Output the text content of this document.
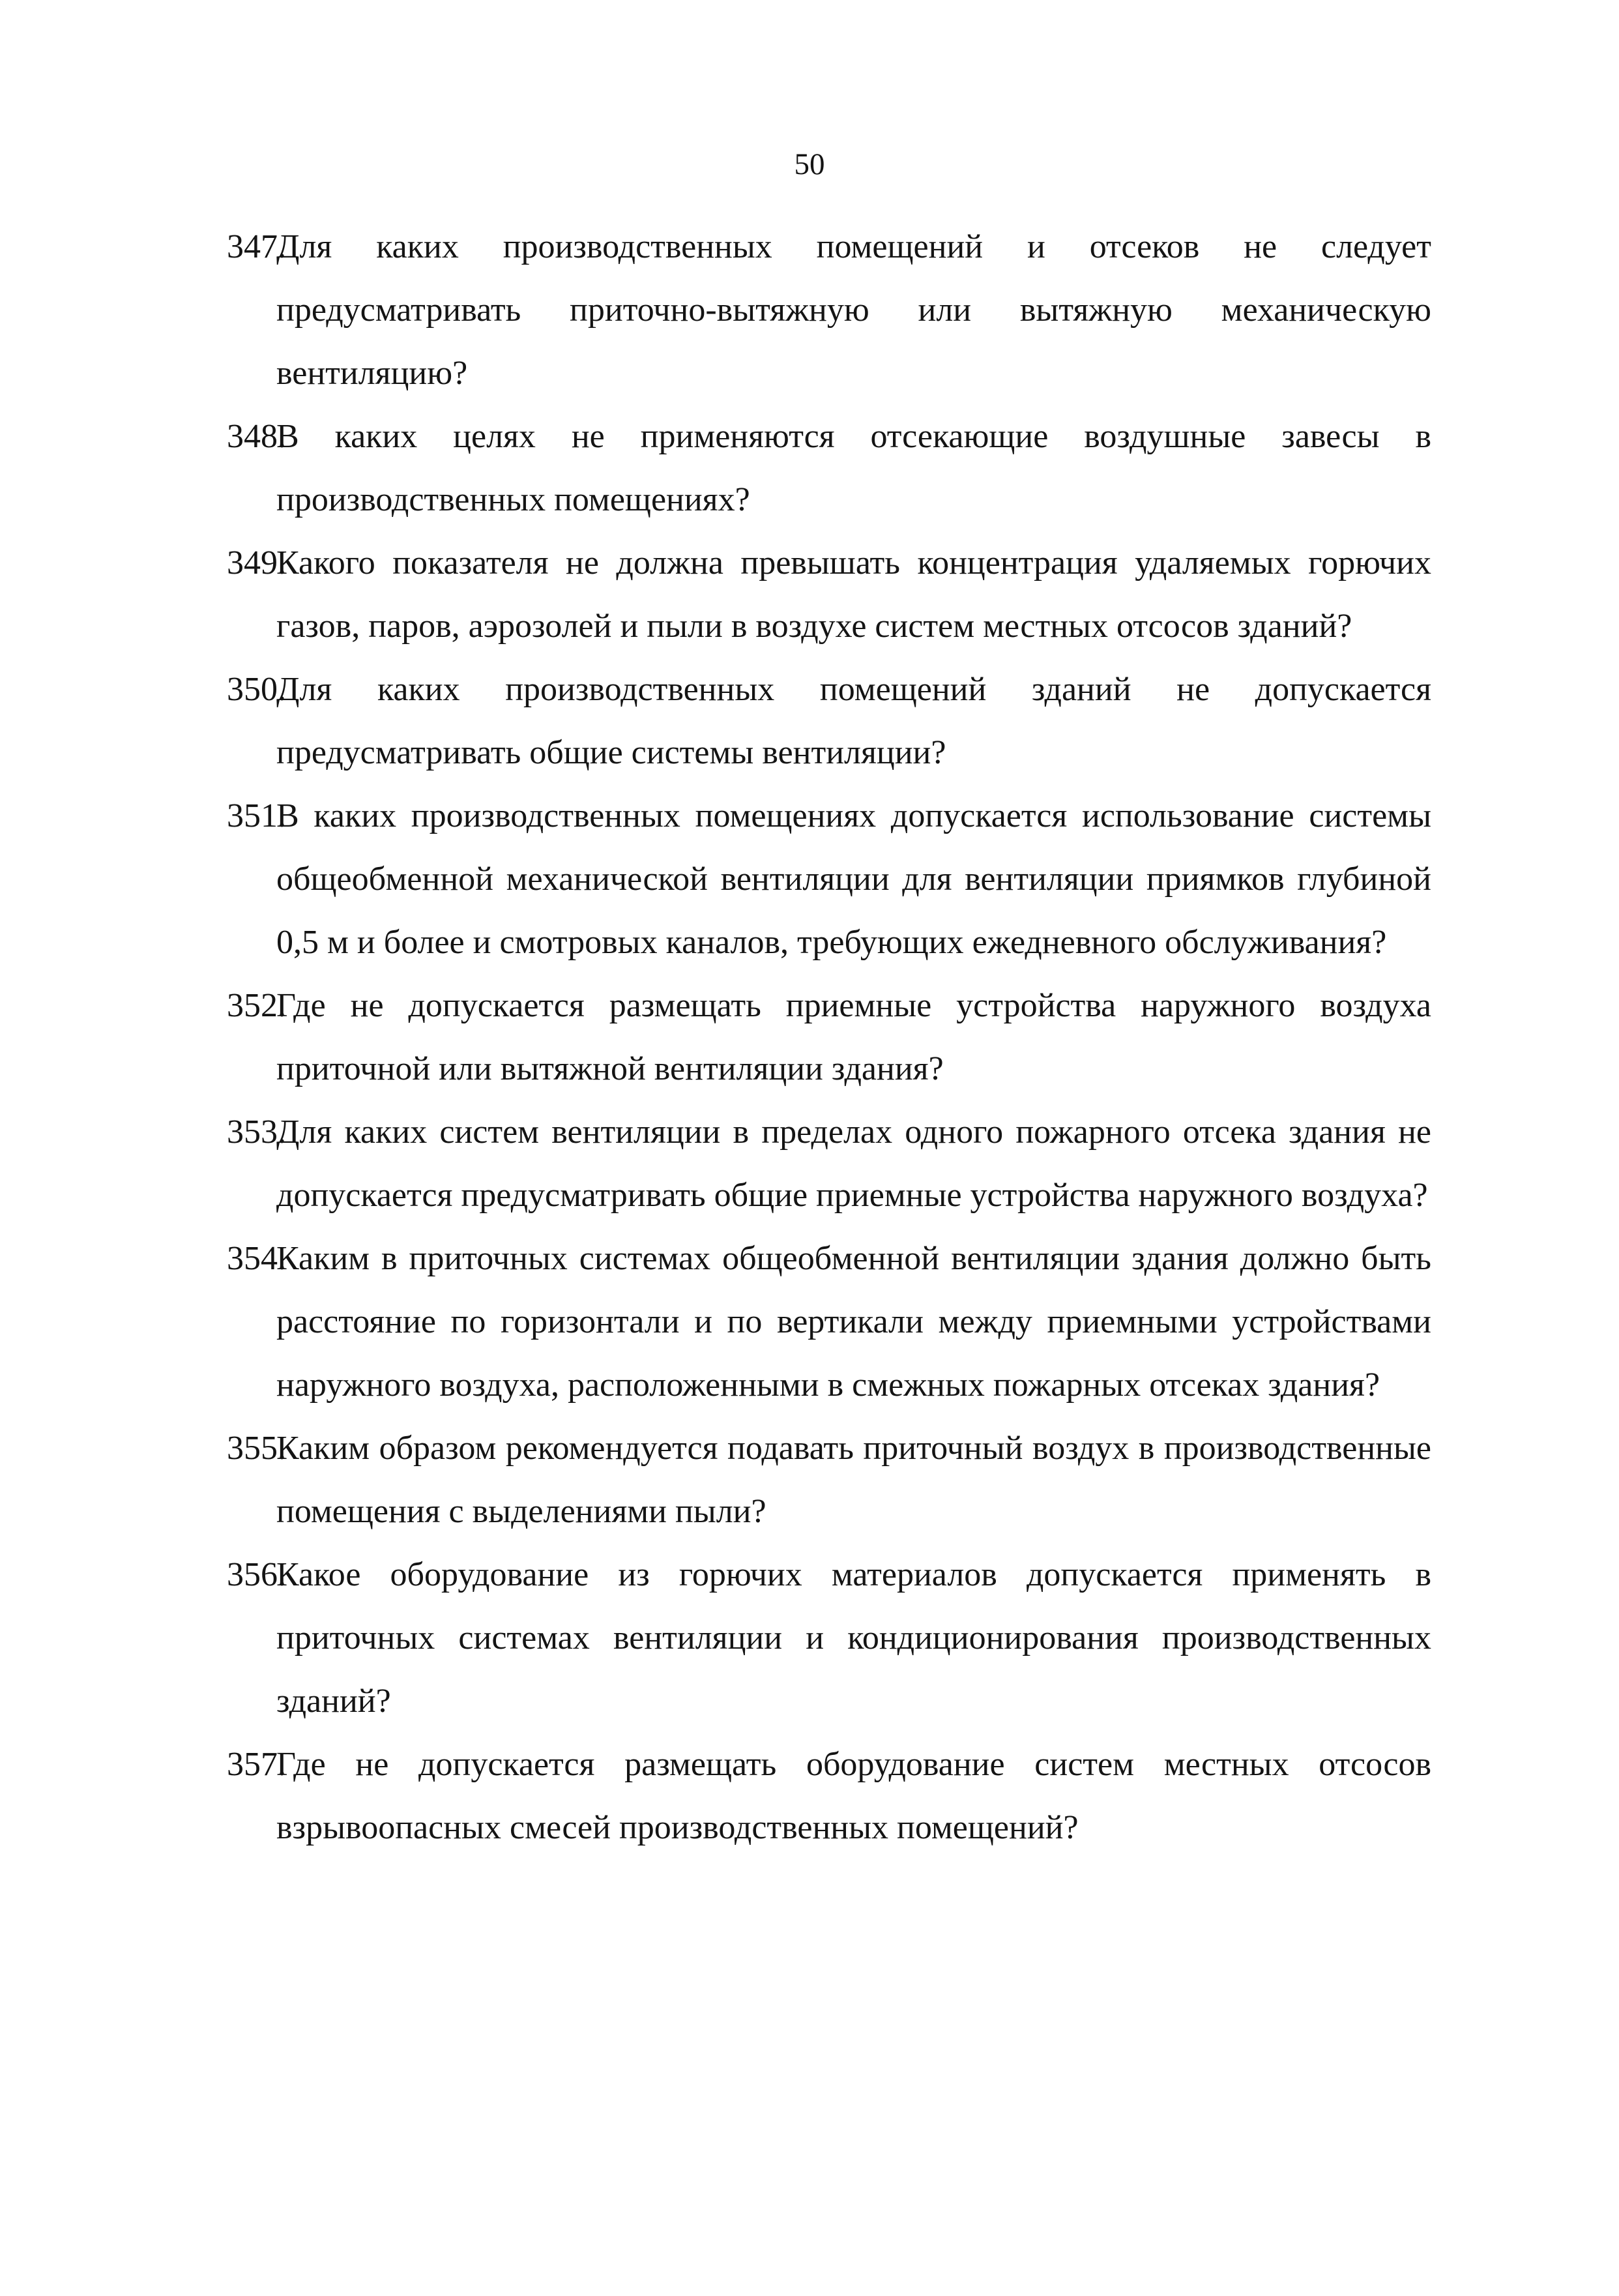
50
347.
Для каких производственных помещений и отсеков не следует предусматривать приточно-вытяжную или вытяжную механическую вентиляцию?
348.
В каких целях не применяются отсекающие воздушные завесы в производственных помещениях?
349.
Какого показателя не должна превышать концентрация удаляемых горючих газов, паров, аэрозолей и пыли в воздухе систем местных отсосов зданий?
350.
Для каких производственных помещений зданий не допускается предусматривать общие системы вентиляции?
351.
В каких производственных помещениях допускается использование системы общеобменной механической вентиляции для вентиляции приямков глубиной 0,5 м и более и смотровых каналов, требующих ежедневного обслуживания?
352.
Где не допускается размещать приемные устройства наружного воздуха приточной или вытяжной вентиляции здания?
353.
Для каких систем вентиляции в пределах одного пожарного отсека здания не допускается предусматривать общие приемные устройства наружного воздуха?
354.
Каким в приточных системах общеобменной вентиляции здания должно быть расстояние по горизонтали и по вертикали между приемными устройствами наружного воздуха, расположенными в смежных пожарных отсеках здания?
355.
Каким образом рекомендуется подавать приточный воздух в производственные помещения с выделениями пыли?
356.
Какое оборудование из горючих материалов допускается применять в приточных системах вентиляции и кондиционирования производственных зданий?
357.
Где не допускается размещать оборудование систем местных отсосов взрывоопасных смесей производственных помещений?
